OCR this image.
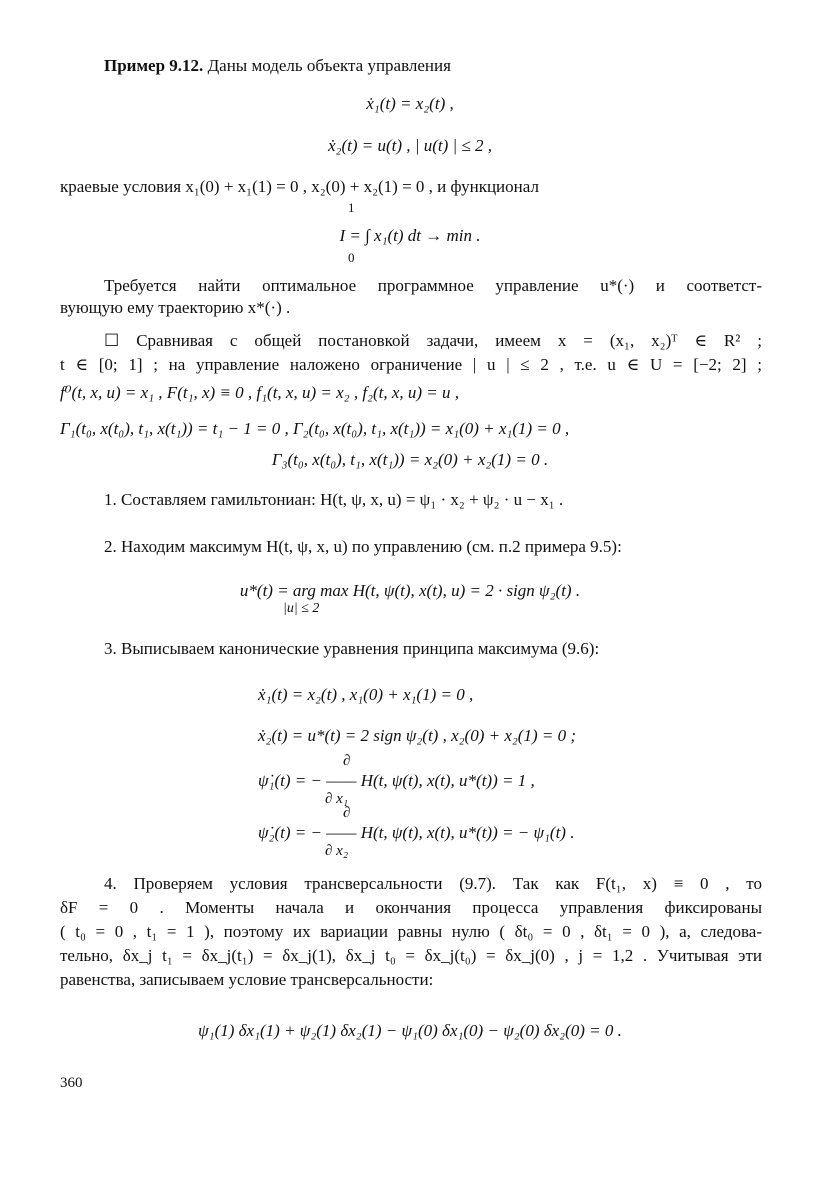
Пример 9.12. Даны модель объекта управления
ẋ₁(t) = x₂(t) ,
ẋ₂(t) = u(t) , | u(t) | ≤ 2 ,
краевые условия x₁(0) + x₁(1) = 0 , x₂(0) + x₂(1) = 0 , и функционал
1
I = ∫ x₁(t) dt → min .
0
Требуется найти оптимальное программное управление u*(·) и соответст-
вующую ему траекторию x*(·) .
☐ Сравнивая с общей постановкой задачи, имеем x = (x₁, x₂)ᵀ ∈ R² ;
t ∈ [0; 1] ; на управление наложено ограничение | u | ≤ 2 , т.е. u ∈ U = [−2; 2] ;
f⁰(t, x, u) = x₁ , F(t₁, x) ≡ 0 , f₁(t, x, u) = x₂ , f₂(t, x, u) = u ,
Γ₁(t₀, x(t₀), t₁, x(t₁)) = t₁ − 1 = 0 , Γ₂(t₀, x(t₀), t₁, x(t₁)) = x₁(0) + x₁(1) = 0 ,
Γ₃(t₀, x(t₀), t₁, x(t₁)) = x₂(0) + x₂(1) = 0 .
1. Составляем гамильтониан: H(t, ψ, x, u) = ψ₁ · x₂ + ψ₂ · u − x₁ .
2. Находим максимум H(t, ψ, x, u) по управлению (см. п.2 примера 9.5):
u*(t) = arg max H(t, ψ(t), x(t), u) = 2 · sign ψ₂(t) .
|u| ≤ 2
3. Выписываем канонические уравнения принципа максимума (9.6):
ẋ₁(t) = x₂(t) , x₁(0) + x₁(1) = 0 ,
ẋ₂(t) = u*(t) = 2 sign ψ₂(t) , x₂(0) + x₂(1) = 0 ;
∂
ψ̇₁(t) = − —— H(t, ψ(t), x(t), u*(t)) = 1 ,
∂ x₁
∂
ψ̇₂(t) = − —— H(t, ψ(t), x(t), u*(t)) = − ψ₁(t) .
∂ x₂
4. Проверяем условия трансверсальности (9.7). Так как F(t₁, x) ≡ 0 , то
δF = 0 . Моменты начала и окончания процесса управления фиксированы
( t₀ = 0 , t₁ = 1 ), поэтому их вариации равны нулю ( δt₀ = 0 , δt₁ = 0 ), а, следова-
тельно, δx_j t₁ = δx_j(t₁) = δx_j(1), δx_j t₀ = δx_j(t₀) = δx_j(0) , j = 1,2 . Учитывая эти
равенства, записываем условие трансверсальности:
ψ₁(1) δx₁(1) + ψ₂(1) δx₂(1) − ψ₁(0) δx₁(0) − ψ₂(0) δx₂(0) = 0 .
360
